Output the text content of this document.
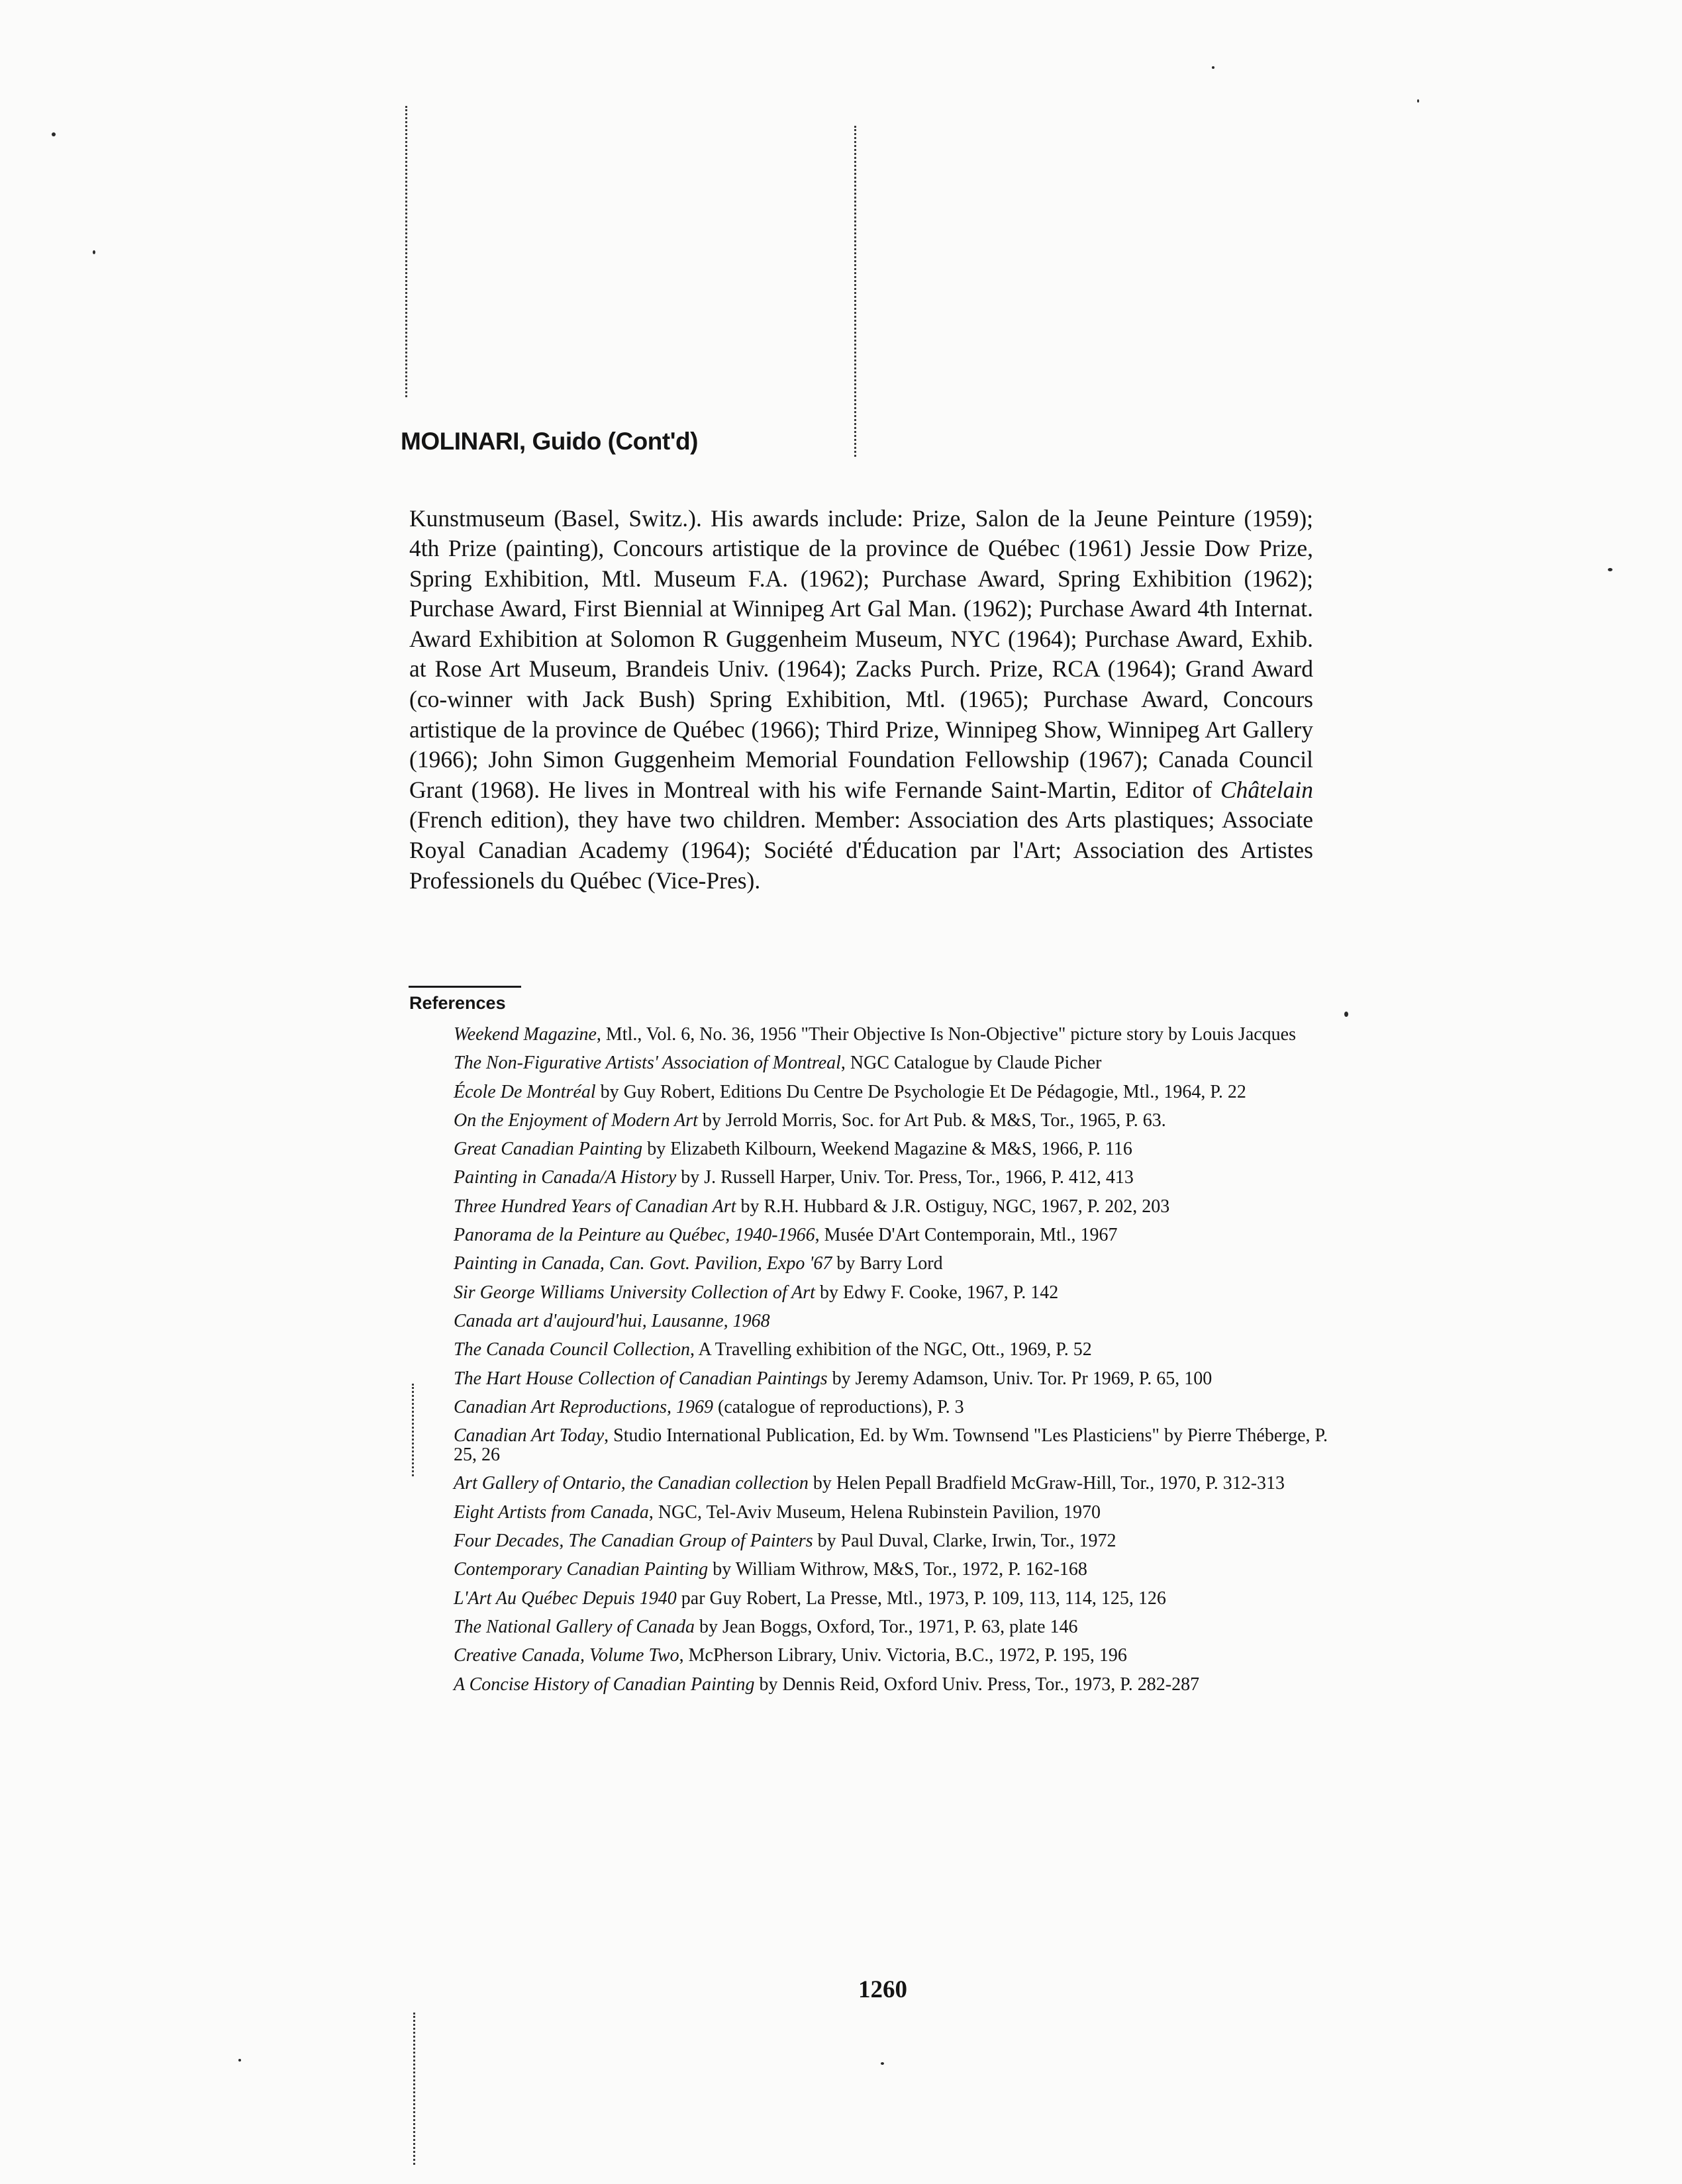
MOLINARI, Guido (Cont'd)

Kunstmuseum (Basel, Switz.). His awards include: Prize, Salon de la Jeune Peinture (1959); 4th Prize (painting), Concours artistique de la province de Québec (1961) Jessie Dow Prize, Spring Exhibition, Mtl. Museum F.A. (1962); Purchase Award, Spring Exhibition (1962); Purchase Award, First Biennial at Winnipeg Art Gal Man. (1962); Purchase Award 4th Internat. Award Exhibition at Solomon R Guggenheim Museum, NYC (1964); Purchase Award, Exhib. at Rose Art Museum, Brandeis Univ. (1964); Zacks Purch. Prize, RCA (1964); Grand Award (co-winner with Jack Bush) Spring Exhibition, Mtl. (1965); Purchase Award, Concours artistique de la province de Québec (1966); Third Prize, Winnipeg Show, Winnipeg Art Gallery (1966); John Simon Guggenheim Memorial Foundation Fellowship (1967); Canada Council Grant (1968). He lives in Montreal with his wife Fernande Saint-Martin, Editor of Châtelain (French edition), they have two children. Member: Association des Arts plastiques; Associate Royal Canadian Academy (1964); Société d'Éducation par l'Art; Association des Artistes Professionels du Québec (Vice-Pres).

References
Weekend Magazine, Mtl., Vol. 6, No. 36, 1956 "Their Objective Is Non-Objective" picture story by Louis Jacques
The Non-Figurative Artists' Association of Montreal, NGC Catalogue by Claude Picher
École De Montréal by Guy Robert, Editions Du Centre De Psychologie Et De Pédagogie, Mtl., 1964, P. 22
On the Enjoyment of Modern Art by Jerrold Morris, Soc. for Art Pub. & M&S, Tor., 1965, P. 63.
Great Canadian Painting by Elizabeth Kilbourn, Weekend Magazine & M&S, 1966, P. 116
Painting in Canada/A History by J. Russell Harper, Univ. Tor. Press, Tor., 1966, P. 412, 413
Three Hundred Years of Canadian Art by R.H. Hubbard & J.R. Ostiguy, NGC, 1967, P. 202, 203
Panorama de la Peinture au Québec, 1940-1966, Musée D'Art Contemporain, Mtl., 1967
Painting in Canada, Can. Govt. Pavilion, Expo '67 by Barry Lord
Sir George Williams University Collection of Art by Edwy F. Cooke, 1967, P. 142
Canada art d'aujourd'hui, Lausanne, 1968
The Canada Council Collection, A Travelling exhibition of the NGC, Ott., 1969, P. 52
The Hart House Collection of Canadian Paintings by Jeremy Adamson, Univ. Tor. Pr 1969, P. 65, 100
Canadian Art Reproductions, 1969 (catalogue of reproductions), P. 3
Canadian Art Today, Studio International Publication, Ed. by Wm. Townsend "Les Plasticiens" by Pierre Théberge, P. 25, 26
Art Gallery of Ontario, the Canadian collection by Helen Pepall Bradfield McGraw-Hill, Tor., 1970, P. 312-313
Eight Artists from Canada, NGC, Tel-Aviv Museum, Helena Rubinstein Pavilion, 1970
Four Decades, The Canadian Group of Painters by Paul Duval, Clarke, Irwin, Tor., 1972
Contemporary Canadian Painting by William Withrow, M&S, Tor., 1972, P. 162-168
L'Art Au Québec Depuis 1940 par Guy Robert, La Presse, Mtl., 1973, P. 109, 113, 114, 125, 126
The National Gallery of Canada by Jean Boggs, Oxford, Tor., 1971, P. 63, plate 146
Creative Canada, Volume Two, McPherson Library, Univ. Victoria, B.C., 1972, P. 195, 196
A Concise History of Canadian Painting by Dennis Reid, Oxford Univ. Press, Tor., 1973, P. 282-287
1260
